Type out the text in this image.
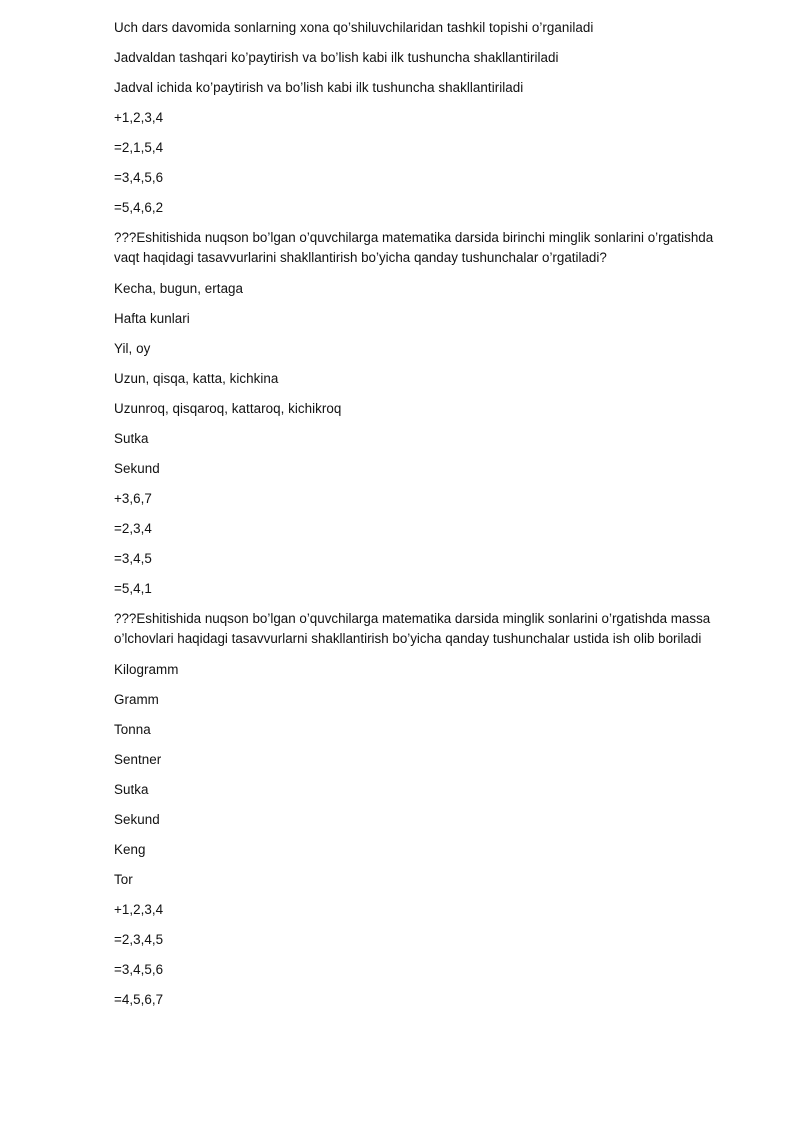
Uch dars davomida sonlarning xona qo’shiluvchilaridan tashkil topishi o’rganiladi
Jadvaldan tashqari ko’paytirish va bo’lish kabi ilk tushuncha shakllantiriladi
Jadval ichida ko’paytirish va bo’lish kabi ilk tushuncha shakllantiriladi
+1,2,3,4
=2,1,5,4
=3,4,5,6
=5,4,6,2
???Eshitishida nuqson bo’lgan o’quvchilarga matematika darsida birinchi minglik sonlarini o’rgatishda vaqt haqidagi tasavvurlarini shakllantirish bo’yicha qanday tushunchalar o’rgatiladi?
Kecha, bugun, ertaga
Hafta kunlari
Yil, oy
Uzun, qisqa, katta, kichkina
Uzunroq, qisqaroq, kattaroq, kichikroq
Sutka
Sekund
+3,6,7
=2,3,4
=3,4,5
=5,4,1
???Eshitishida nuqson bo’lgan o’quvchilarga matematika darsida minglik sonlarini o’rgatishda massa o’lchovlari haqidagi tasavvurlarni shakllantirish bo’yicha qanday tushunchalar ustida ish olib boriladi
Kilogramm
Gramm
Tonna
Sentner
Sutka
Sekund
Keng
Tor
+1,2,3,4
=2,3,4,5
=3,4,5,6
=4,5,6,7
